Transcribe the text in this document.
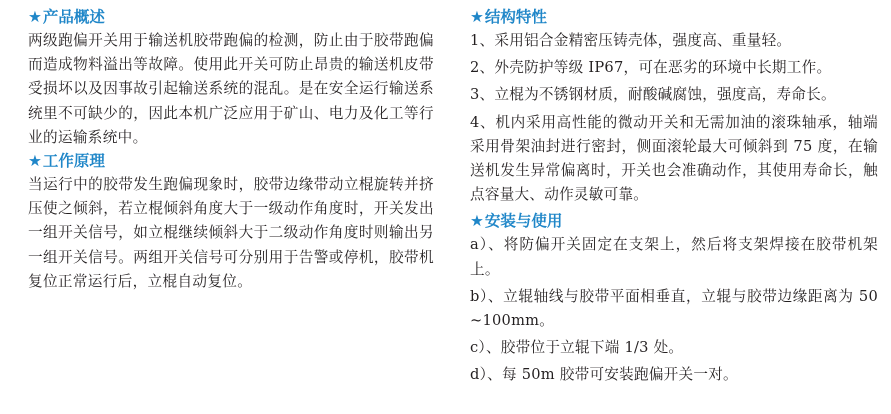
★产品概述

两级跑偏开关用于输送机胶带跑偏的检测，防止由于胶带跑偏而造成物料溢出等故障。使用此开关可防止昂贵的输送机皮带受损坏以及因事故引起输送系统的混乱。是在安全运行输送系统里不可缺少的，因此本机广泛应用于矿山、电力及化工等行业的运输系统中。

★工作原理

当运行中的胶带发生跑偏现象时，胶带边缘带动立棍旋转并挤压使之倾斜，若立棍倾斜角度大于一级动作角度时，开关发出一组开关信号，如立棍继续倾斜大于二级动作角度时则输出另一组开关信号。两组开关信号可分别用于告警或停机，胶带机复位正常运行后，立棍自动复位。

★结构特性

1、采用铝合金精密压铸壳体，强度高、重量轻。

2、外壳防护等级 IP67，可在恶劣的环境中长期工作。

3、立棍为不锈钢材质，耐酸碱腐蚀，强度高，寿命长。

4、机内采用高性能的微动开关和无需加油的滚珠轴承，轴端采用骨架油封进行密封，侧面滚轮最大可倾斜到 75 度，在输送机发生异常偏离时，开关也会准确动作，其使用寿命长，触点容量大、动作灵敏可靠。

★安装与使用

a）、将防偏开关固定在支架上，然后将支架焊接在胶带机架上。

b）、立辊轴线与胶带平面相垂直，立辊与胶带边缘距离为 50~100mm。

c）、胶带位于立辊下端 1/3 处。

d）、每 50m 胶带可安装跑偏开关一对。
